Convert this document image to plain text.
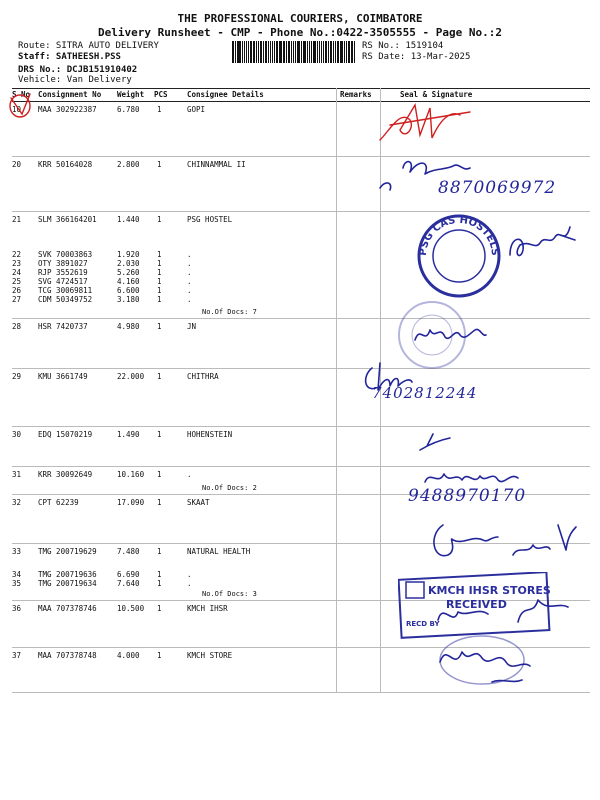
THE PROFESSIONAL COURIERS, COIMBATORE
Delivery Runsheet - CMP - Phone No.:0422-3505555 - Page No.:2
Route: SITRA AUTO DELIVERY
Staff: SATHEESH.PSS
DRS No.: DCJB151910402
Vehicle: Van Delivery
RS No.: 1519104
RS Date: 13-Mar-2025
S No Consignment No Weight PCS	Consignee Details	Remarks	Seal & Signature
10 MAA 302922387	6.780 1	GOPI
20 KRR 50164028	2.800 1	CHINNAMMAL II
21 SLM 366164201	1.440 1	PSG HOSTEL
22 SVK 70003863	1.920 1	.
23 OTY 3891027	2.030 1	.
24 RJP 3552619	5.260 1	.
25 SVG 4724517	4.160 1	.
26 TCG 30069811	6.600 1	.
27 CDM 50349752	3.180 1	.
No.Of Docs: 7
28 HSR 7420737	4.980 1	JN
29 KMU 3661749	22.000 1	CHITHRA
30 EDQ 15070219	1.490 1	HOHENSTEIN
31 KRR 30092649	10.160 1	.
No.Of Docs: 2
32 CPT 62239	17.090 1	SKAAT
33 TMG 200719629	7.480 1	NATURAL HEALTH
34 TMG 200719636	6.690 1	.
35 TMG 200719634	7.640 1	.
No.Of Docs: 3
36 MAA 707378746	10.500 1	KMCH IHSR
37 MAA 707378748	4.000 1	KMCH STORE
8870069972
PSG CAS HOSTELS
7402812244
9488970170
KMCH IHSR STORES
RECEIVED
RECD BY
